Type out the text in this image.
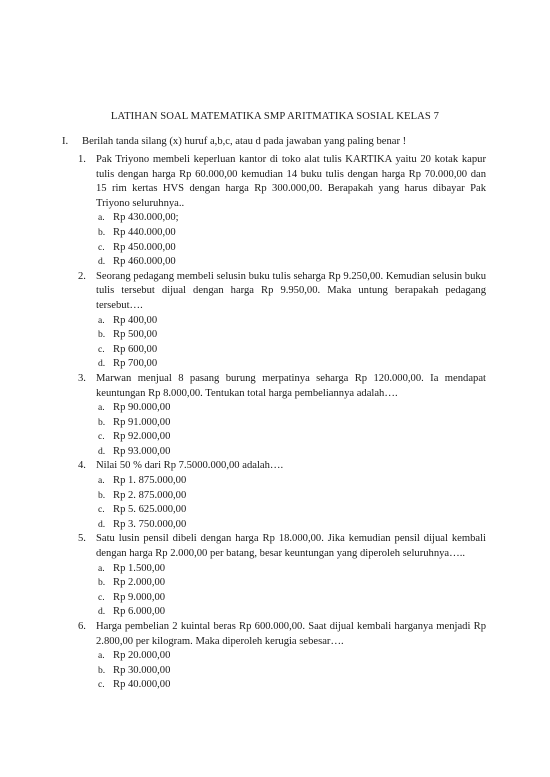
LATIHAN SOAL MATEMATIKA SMP ARITMATIKA SOSIAL KELAS 7
I. Berilah tanda silang (x) huruf a,b,c, atau d pada jawaban yang paling benar !
1. Pak Triyono membeli keperluan kantor di toko alat tulis KARTIKA yaitu 20 kotak kapur tulis dengan harga Rp 60.000,00 kemudian 14 buku tulis dengan harga Rp 70.000,00 dan 15 rim kertas HVS dengan harga Rp 300.000,00. Berapakah yang harus dibayar Pak Triyono seluruhnya..

a. Rp 430.000,00;
b. Rp 440.000,00
c. Rp 450.000,00
d. Rp 460.000,00
2. Seorang pedagang membeli selusin buku tulis seharga Rp 9.250,00. Kemudian selusin buku tulis tersebut dijual dengan harga Rp 9.950,00. Maka untung berapakah pedagang tersebut….

a. Rp 400,00
b. Rp 500,00
c. Rp 600,00
d. Rp 700,00
3. Marwan menjual 8 pasang burung merpatinya seharga Rp 120.000,00. Ia mendapat keuntungan Rp 8.000,00. Tentukan total harga pembeliannya adalah….

a. Rp 90.000,00
b. Rp 91.000,00
c. Rp 92.000,00
d. Rp 93.000,00
4. Nilai 50 % dari Rp 7.5000.000,00 adalah….

a. Rp 1. 875.000,00
b. Rp 2. 875.000,00
c. Rp 5. 625.000,00
d. Rp 3. 750.000,00
5. Satu lusin pensil dibeli dengan harga Rp 18.000,00. Jika kemudian pensil dijual kembali dengan harga Rp 2.000,00 per batang, besar keuntungan yang diperoleh seluruhnya…..

a. Rp 1.500,00
b. Rp 2.000,00
c. Rp 9.000,00
d. Rp 6.000,00
6. Harga pembelian 2 kuintal beras Rp 600.000,00. Saat dijual kembali harganya menjadi Rp 2.800,00 per kilogram. Maka diperoleh kerugia sebesar….

a. Rp 20.000,00
b. Rp 30.000,00
c. Rp 40.000,00
